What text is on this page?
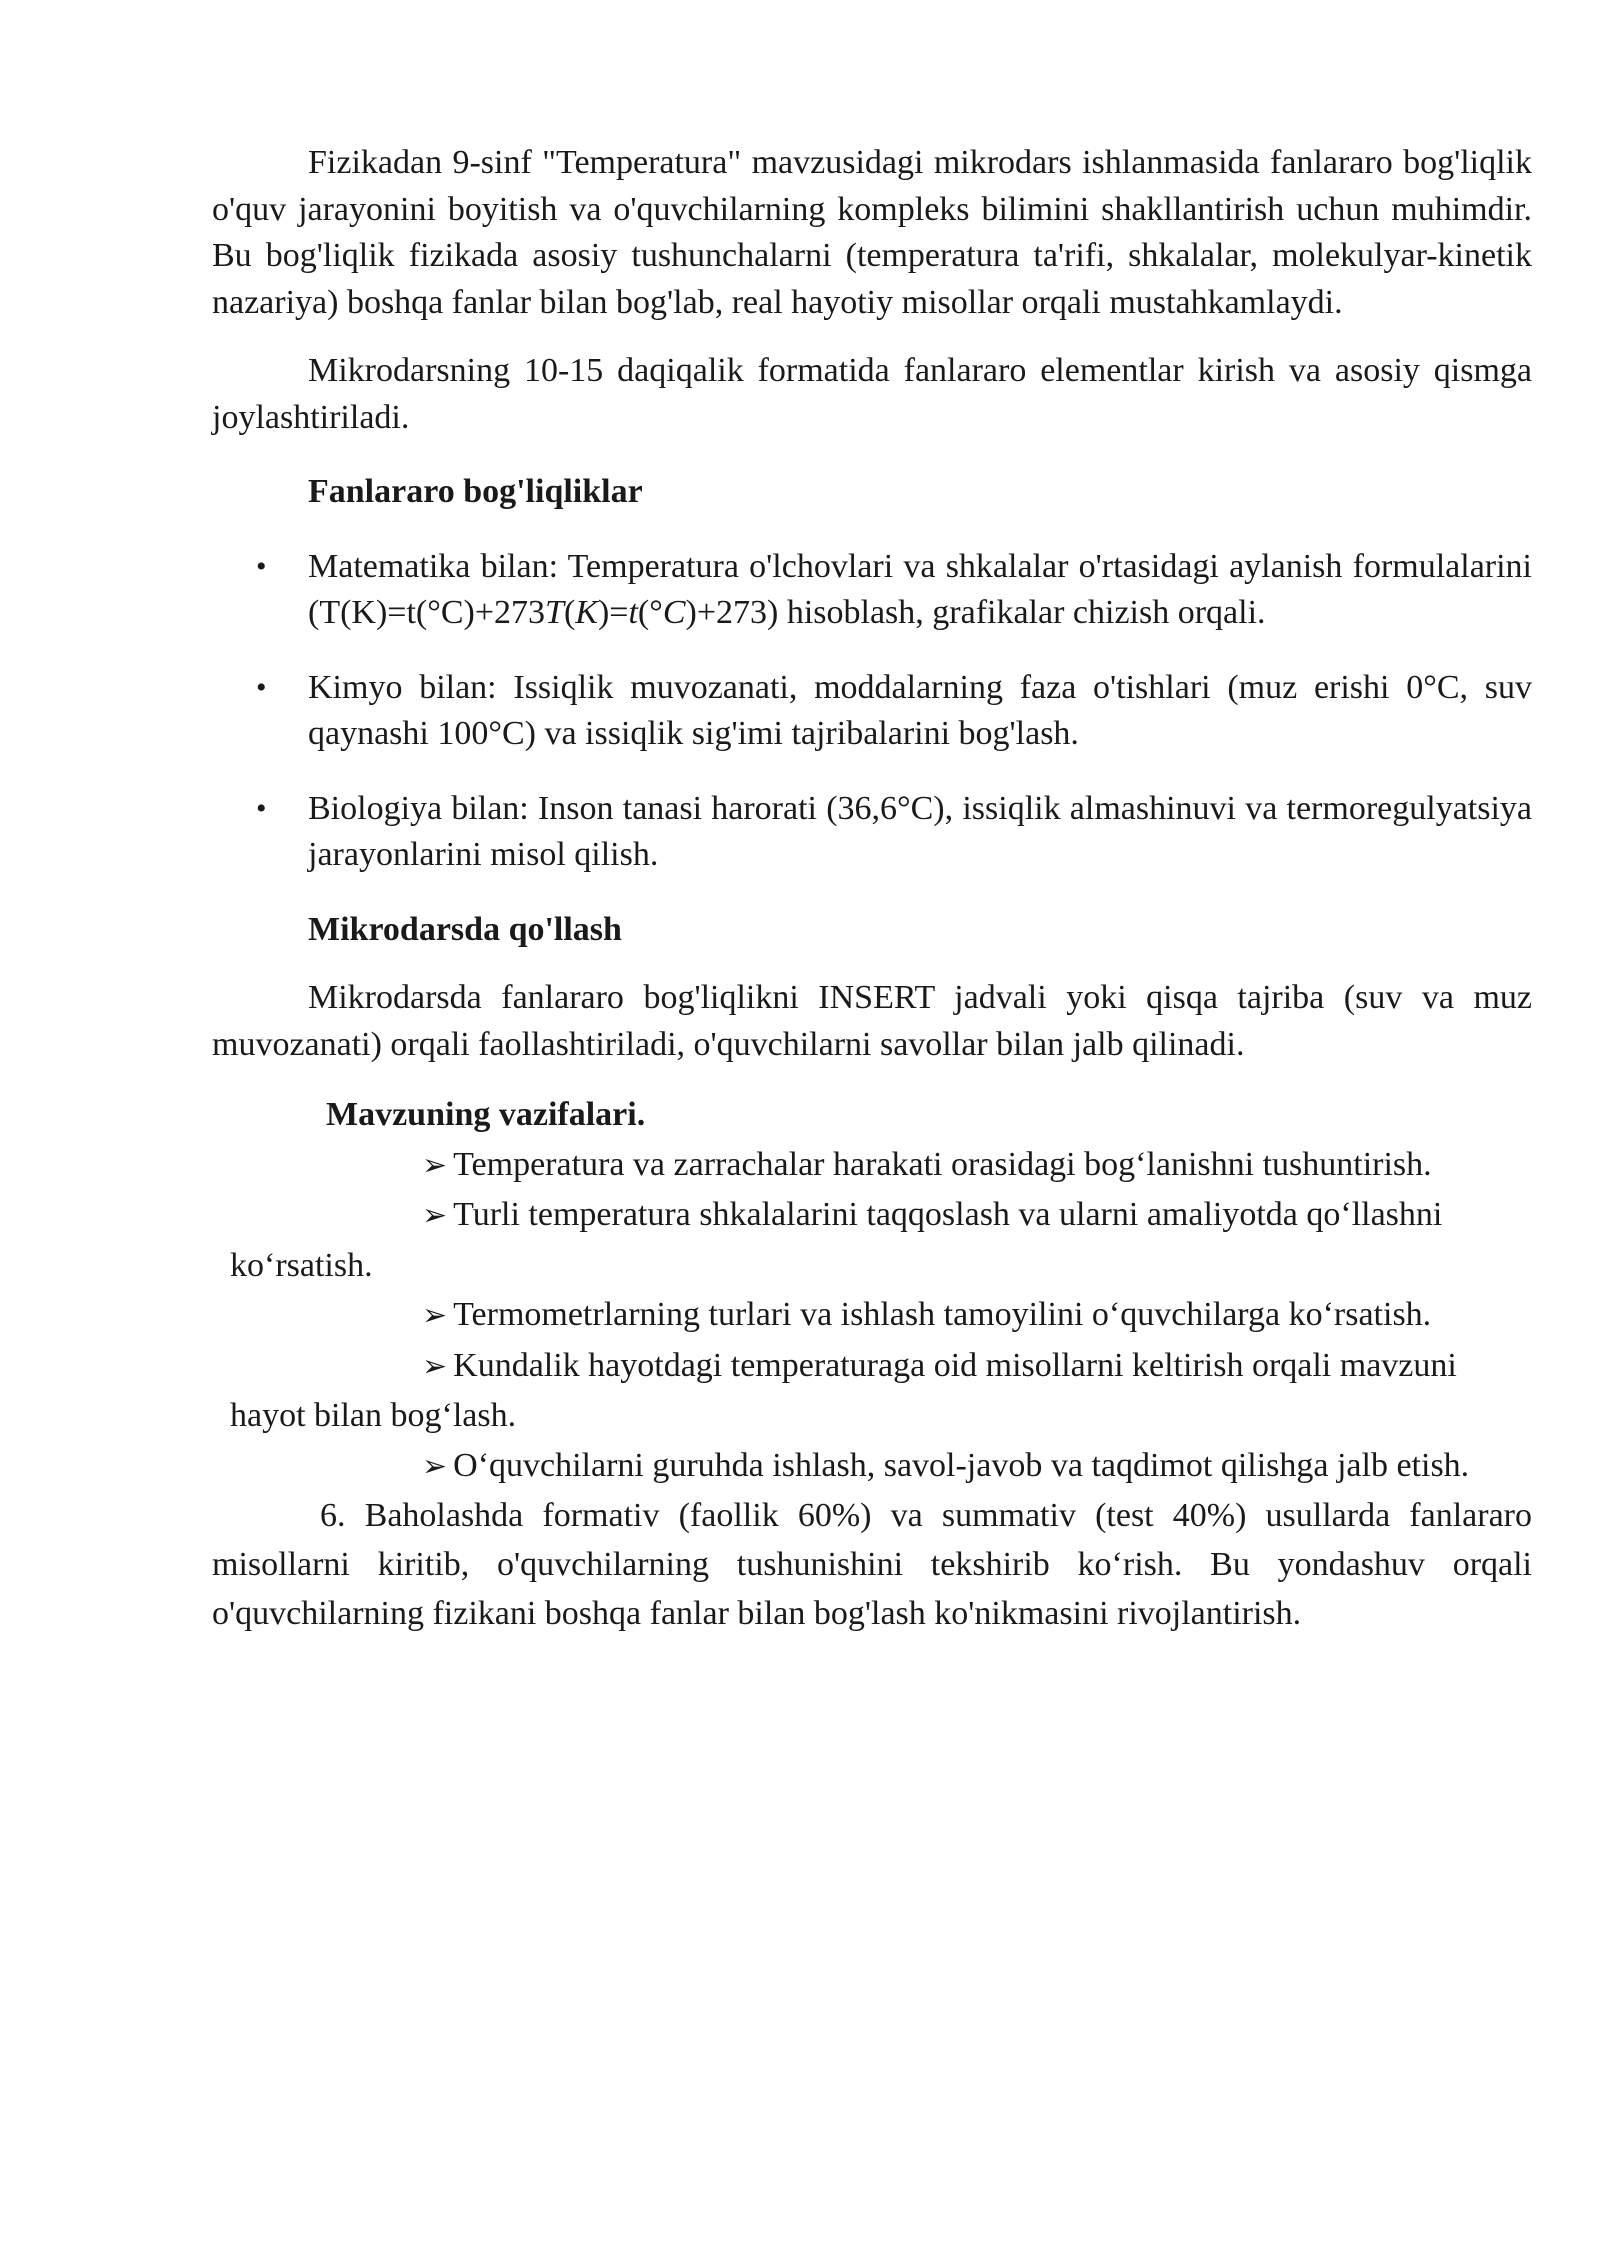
Fizikadan 9-sinf "Temperatura" mavzusidagi mikrodars ishlanmasida fanlararo bog'liqlik o'quv jarayonini boyitish va o'quvchilarning kompleks bilimini shakllantirish uchun muhimdir. Bu bog'liqlik fizikada asosiy tushunchalarni (temperatura ta'rifi, shkalalar, molekulyar-kinetik nazariya) boshqa fanlar bilan bog'lab, real hayotiy misollar orqali mustahkamlaydi.

Mikrodarsning 10-15 daqiqalik formatida fanlararo elementlar kirish va asosiy qismga joylashtiriladi.

Fanlararo bog'liqliklar

• Matematika bilan: Temperatura o'lchovlari va shkalalar o'rtasidagi aylanish formulalarini (T(K)=t(°C)+273T(K)=t(°C)+273) hisoblash, grafikalar chizish orqali.
• Kimyo bilan: Issiqlik muvozanati, moddalarning faza o'tishlari (muz erishi 0°C, suv qaynashi 100°C) va issiqlik sig'imi tajribalarini bog'lash.
• Biologiya bilan: Inson tanasi harorati (36,6°C), issiqlik almashinuvi va termoregulyatsiya jarayonlarini misol qilish.

Mikrodarsda qo'llash

Mikrodarsda fanlararo bog'liqlikni INSERT jadvali yoki qisqa tajriba (suv va muz muvozanati) orqali faollashtiriladi, o'quvchilarni savollar bilan jalb qilinadi.

Mavzuning vazifalari.

➢ Temperatura va zarrachalar harakati orasidagi bog‘lanishni tushuntirish.

➢ Turli temperatura shkalalarini taqqoslash va ularni amaliyotda qo‘llashni ko‘rsatish.

➢ Termometrlarning turlari va ishlash tamoyilini o‘quvchilarga ko‘rsatish.

➢ Kundalik hayotdagi temperaturaga oid misollarni keltirish orqali mavzuni hayot bilan bog‘lash.

➢ O‘quvchilarni guruhda ishlash, savol-javob va taqdimot qilishga jalb etish.

6. Baholashda formativ (faollik 60%) va summativ (test 40%) usullarda fanlararo misollarni kiritib, o'quvchilarning tushunishini tekshirib ko‘rish. Bu yondashuv orqali o'quvchilarning fizikani boshqa fanlar bilan bog'lash ko'nikmasini rivojlantirish.
